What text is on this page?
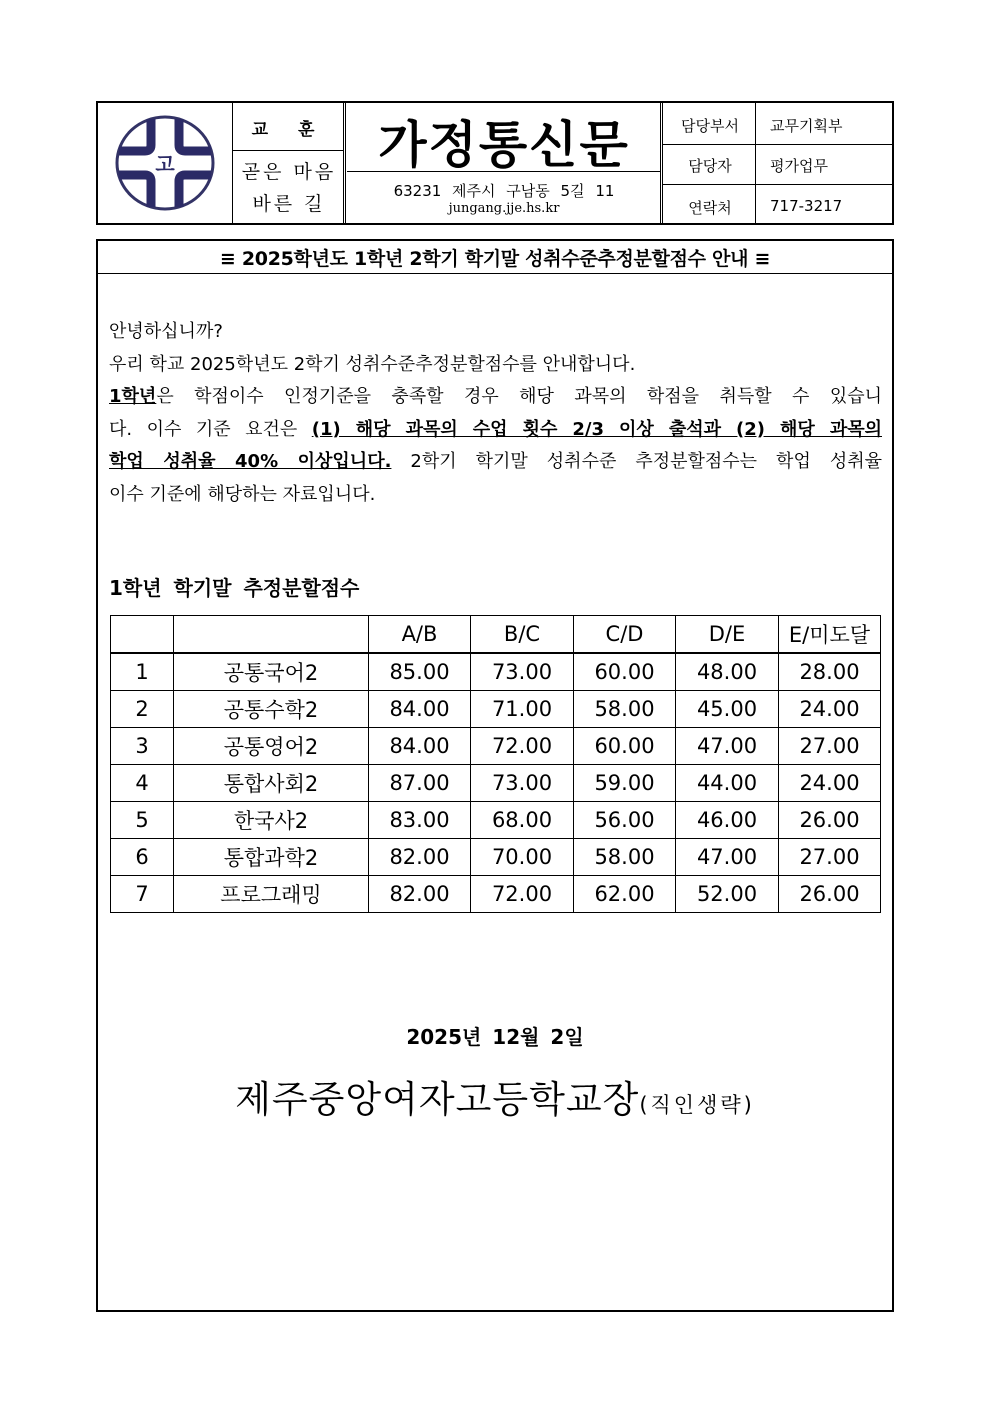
고
교 훈
곧은 마음
바른 길
가정통신문
63231 제주시 구남동 5길 11
jungang.jje.hs.kr
담당부서	교무기획부
담당자	평가업무
연락처	717-3217
≡ 2025학년도 1학년 2학기 학기말 성취수준추정분할점수 안내 ≡

안녕하십니까?

우리 학교 2025학년도 2학기 성취수준추정분할점수를 안내합니다.

1학년은 학점이수 인정기준을 충족할 경우 해당 과목의 학점을 취득할 수 있습니

다. 이수 기준 요건은 (1) 해당 과목의 수업 횟수 2/3 이상 출석과 (2) 해당 과목의

학업 성취율 40% 이상입니다. 2학기 학기말 성취수준 추정분할점수는 학업 성취율

이수 기준에 해당하는 자료입니다.

1학년 학기말 추정분할점수
		A/B	B/C	C/D	D/E	E/미도달
1	공통국어2	85.00	73.00	60.00	48.00	28.00
2	공통수학2	84.00	71.00	58.00	45.00	24.00
3	공통영어2	84.00	72.00	60.00	47.00	27.00
4	통합사회2	87.00	73.00	59.00	44.00	24.00
5	한국사2	83.00	68.00	56.00	46.00	26.00
6	통합과학2	82.00	70.00	58.00	47.00	27.00
7	프로그래밍	82.00	72.00	62.00	52.00	26.00
2025년 12월 2일
제주중앙여자고등학교장(직인생략)
